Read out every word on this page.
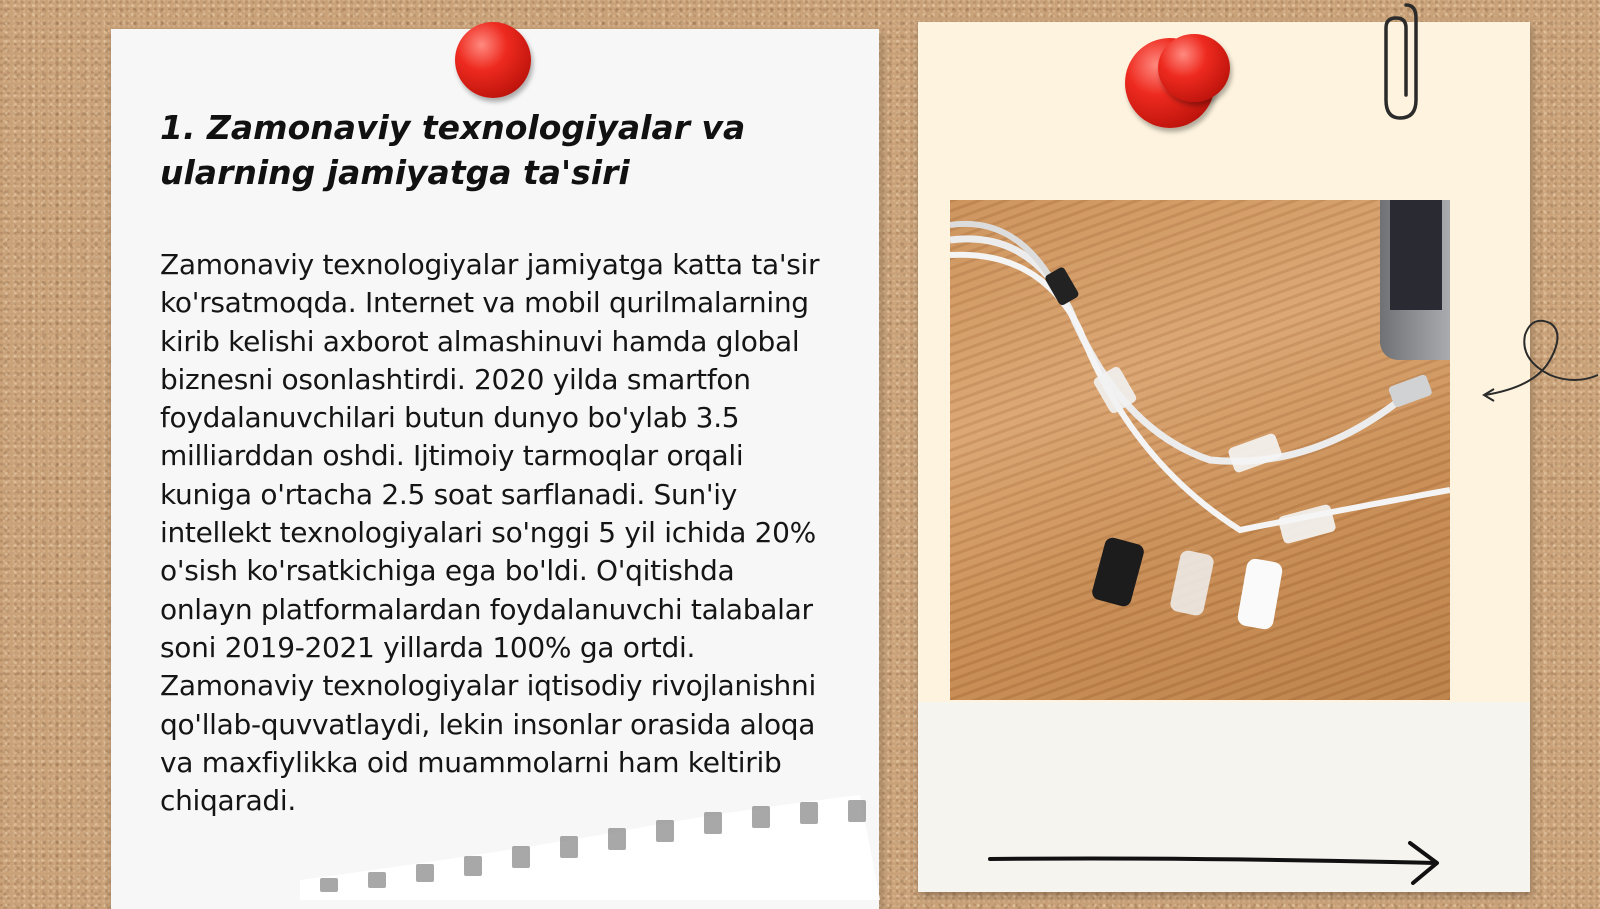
1. Zamonaviy texnologiyalar va ularning jamiyatga ta'siri

Zamonaviy texnologiyalar jamiyatga katta ta'sir ko'rsatmoqda. Internet va mobil qurilmalarning kirib kelishi axborot almashinuvi hamda global biznesni osonlashtirdi. 2020 yilda smartfon foydalanuvchilari butun dunyo bo'ylab 3.5 milliarddan oshdi. Ijtimoiy tarmoqlar orqali kuniga o'rtacha 2.5 soat sarflanadi. Sun'iy intellekt texnologiyalari so'nggi 5 yil ichida 20% o'sish ko'rsatkichiga ega bo'ldi. O'qitishda onlayn platformalardan foydalanuvchi talabalar soni 2019-2021 yillarda 100% ga ortdi. Zamonaviy texnologiyalar iqtisodiy rivojlanishni qo'llab-quvvatlaydi, lekin insonlar orasida aloqa va maxfiylikka oid muammolarni ham keltirib chiqaradi.
